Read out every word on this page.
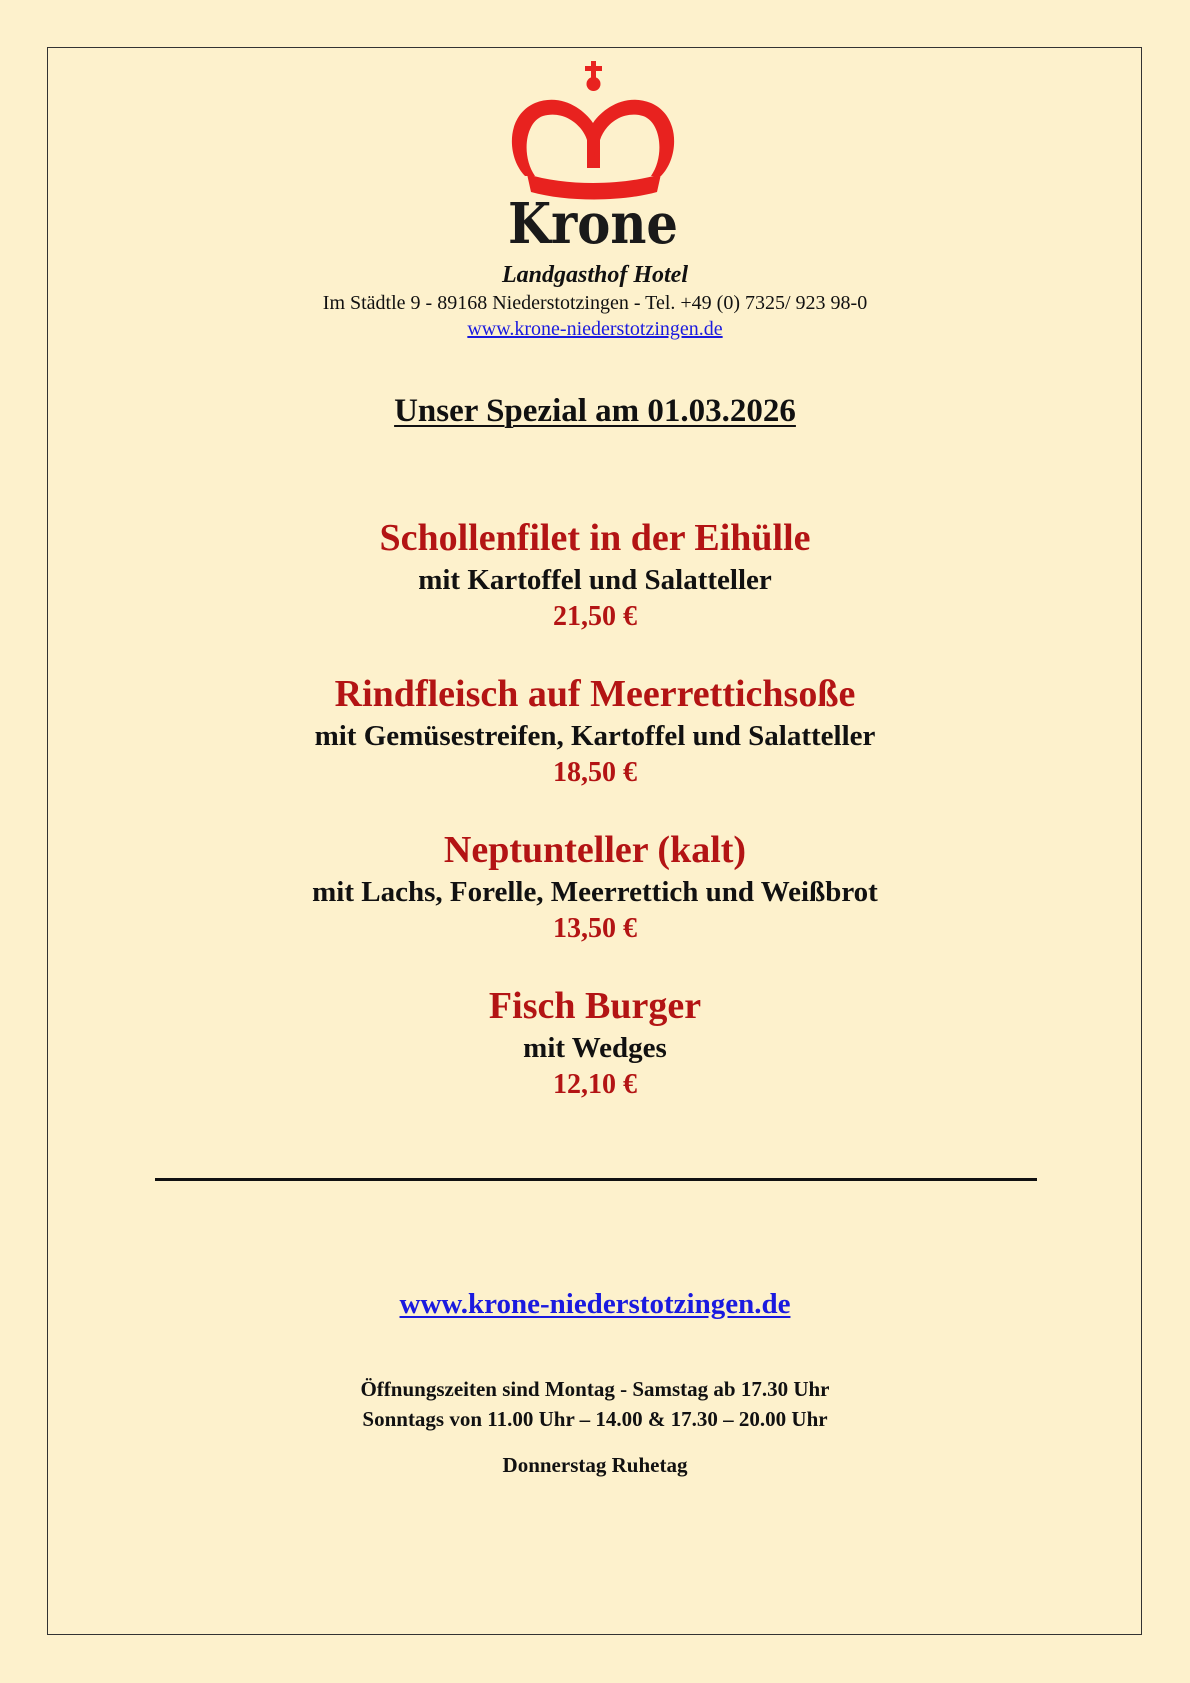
Krone
Landgasthof Hotel
Im Städtle 9 - 89168 Niederstotzingen - Tel. +49 (0) 7325/ 923 98-0
www.krone-niederstotzingen.de
Unser Spezial am 01.03.2026
Schollenfilet in der Eihülle
mit Kartoffel und Salatteller
21,50 €
Rindfleisch auf Meerrettichsoße
mit Gemüsestreifen, Kartoffel und Salatteller
18,50 €
Neptunteller (kalt)
mit Lachs, Forelle, Meerrettich und Weißbrot
13,50 €
Fisch Burger
mit Wedges
12,10 €
www.krone-niederstotzingen.de
Öffnungszeiten sind Montag - Samstag ab 17.30 Uhr
Sonntags von 11.00 Uhr – 14.00 & 17.30 – 20.00 Uhr
Donnerstag Ruhetag
